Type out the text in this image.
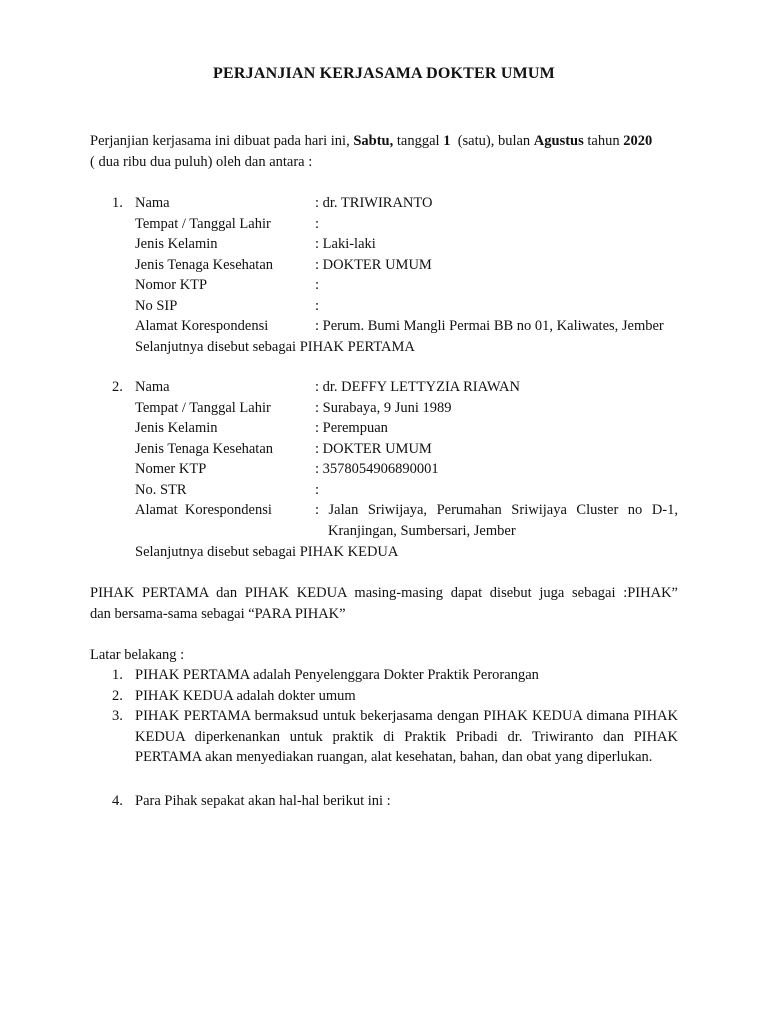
PERJANJIAN KERJASAMA DOKTER UMUM
Perjanjian kerjasama ini dibuat pada hari ini, Sabtu, tanggal 1  (satu), bulan Agustus tahun 2020
( dua ribu dua puluh) oleh dan antara :
1. Nama	: dr. TRIWIRANTO
Tempat / Tanggal Lahir	:
Jenis Kelamin	: Laki-laki
Jenis Tenaga Kesehatan	: DOKTER UMUM
Nomor KTP	:
No SIP	:
Alamat Korespondensi	: Perum. Bumi Mangli Permai BB no 01, Kaliwates, Jember
Selanjutnya disebut sebagai PIHAK PERTAMA
2. Nama	: dr. DEFFY LETTYZIA RIAWAN
Tempat / Tanggal Lahir	: Surabaya, 9 Juni 1989
Jenis Kelamin	: Perempuan
Jenis Tenaga Kesehatan	: DOKTER UMUM
Nomer KTP	: 3578054906890001
No. STR	:
Alamat  Korespondensi	: Jalan Sriwijaya, Perumahan Sriwijaya Cluster no D-1,
Kranjingan, Sumbersari, Jember
Selanjutnya disebut sebagai PIHAK KEDUA
PIHAK PERTAMA dan PIHAK KEDUA masing-masing dapat disebut juga sebagai :PIHAK”
dan bersama-sama sebagai “PARA PIHAK”
Latar belakang :
1. PIHAK PERTAMA adalah Penyelenggara Dokter Praktik Perorangan
2. PIHAK KEDUA adalah dokter umum
3. PIHAK PERTAMA bermaksud untuk bekerjasama dengan PIHAK KEDUA dimana PIHAK KEDUA diperkenankan untuk praktik di Praktik Pribadi dr. Triwiranto dan PIHAK PERTAMA akan menyediakan ruangan, alat kesehatan, bahan, dan obat yang diperlukan.
4. Para Pihak sepakat akan hal-hal berikut ini :
